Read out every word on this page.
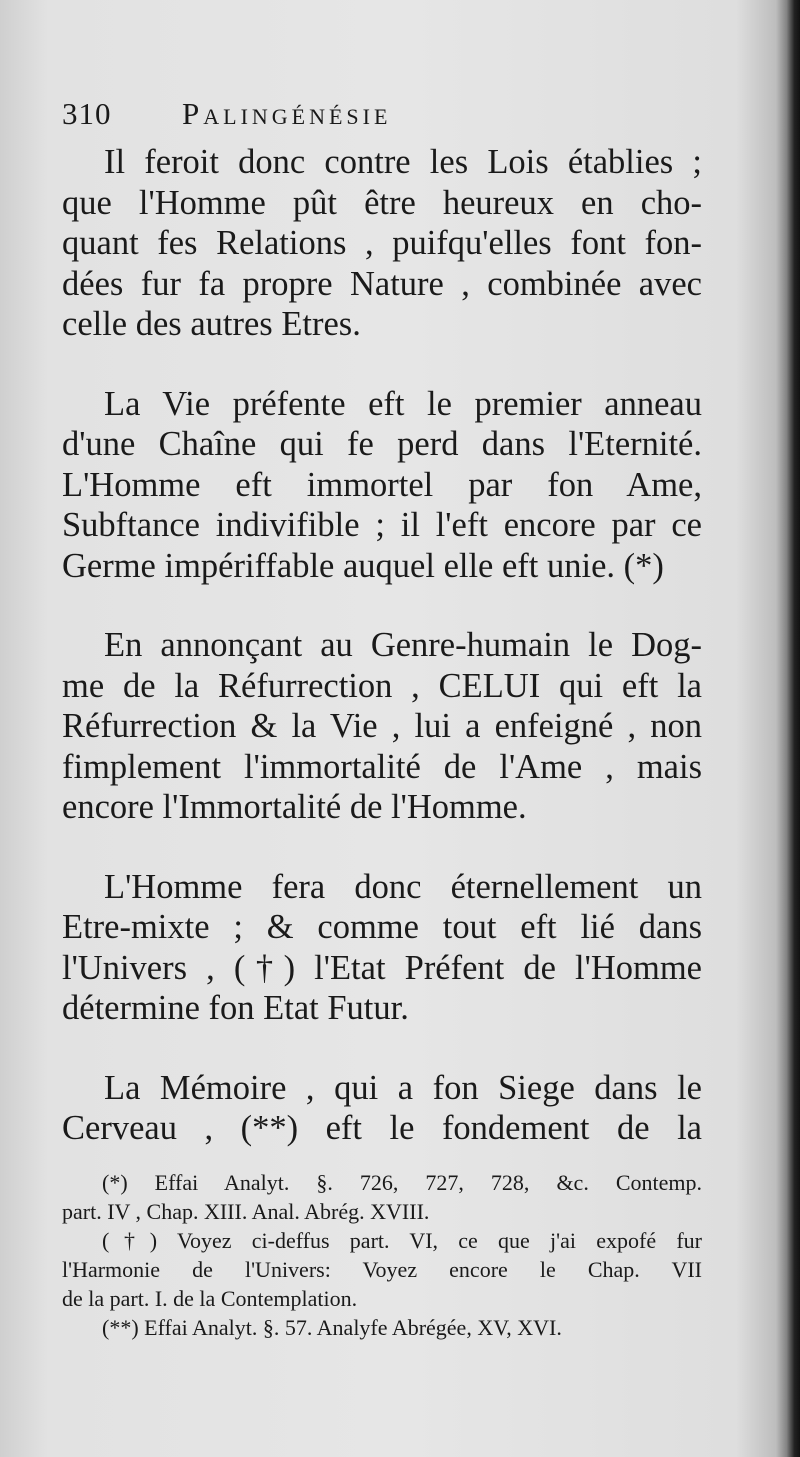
310	Palingénésie

Il feroit donc contre les Lois établies ;
que l'Homme pût être heureux en cho-
quant fes Relations , puifqu'elles font fon-
dées fur fa propre Nature , combinée avec
celle des autres Etres.

La Vie préfente eft le premier anneau
d'une Chaîne qui fe perd dans l'Eternité.
L'Homme eft immortel par fon Ame,
Subftance indivifible ; il l'eft encore par ce
Germe impériffable auquel elle eft unie. (*)

En annonçant au Genre-humain le Dog-
me de la Réfurrection , CELUI qui eft la
Réfurrection & la Vie , lui a enfeigné , non
fimplement l'immortalité de l'Ame , mais
encore l'Immortalité de l'Homme.

L'Homme fera donc éternellement un
Etre-mixte ; & comme tout eft lié dans
l'Univers , (†) l'Etat Préfent de l'Homme
détermine fon Etat Futur.

La Mémoire , qui a fon Siege dans le
Cerveau , (**) eft le fondement de la

(*) Effai Analyt. §. 726, 727, 728, &c. Contemp.
part. IV , Chap. XIII. Anal. Abrég. XVIII.
(†) Voyez ci-deffus part. VI, ce que j'ai expofé fur
l'Harmonie de l'Univers: Voyez encore le Chap. VII
de la part. I. de la Contemplation.
(**) Effai Analyt. §. 57. Analyfe Abrégée, XV, XVI.
